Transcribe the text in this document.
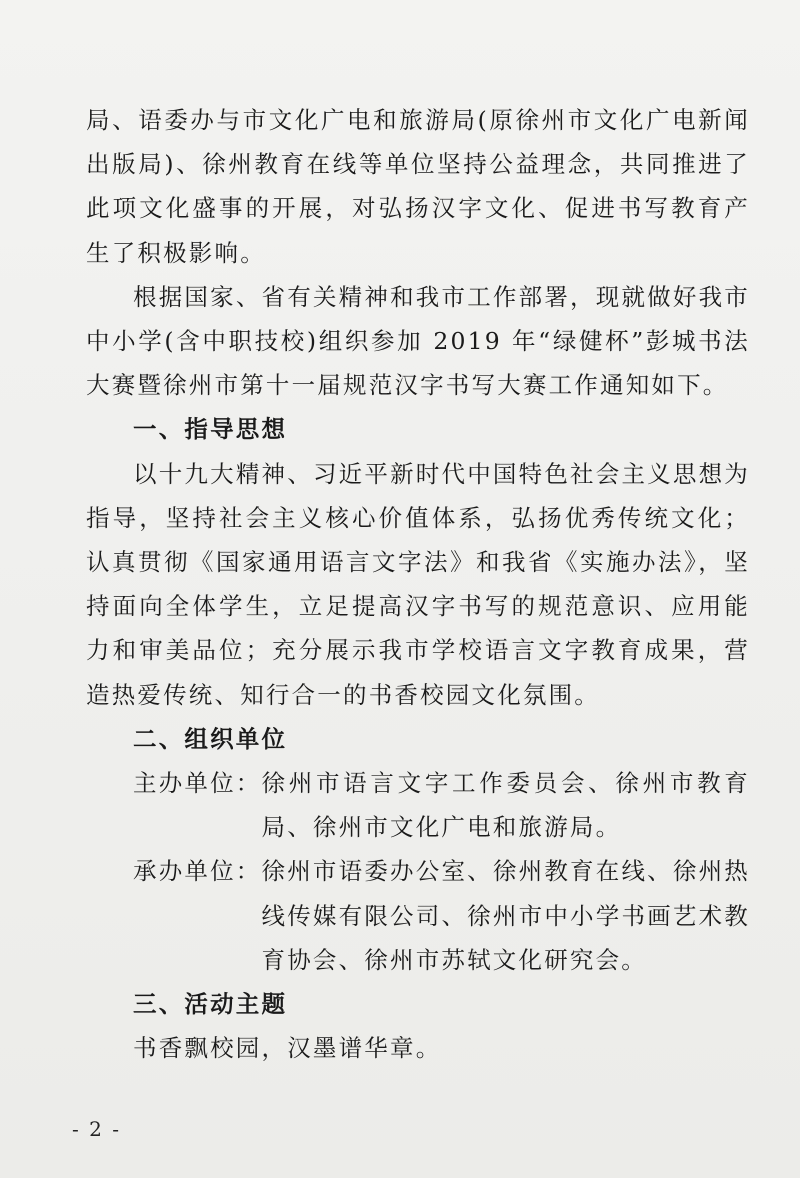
局、语委办与市文化广电和旅游局(原徐州市文化广电新闻出版局)、徐州教育在线等单位坚持公益理念，共同推进了此项文化盛事的开展，对弘扬汉字文化、促进书写教育产生了积极影响。

根据国家、省有关精神和我市工作部署，现就做好我市中小学(含中职技校)组织参加 2019 年“绿健杯”彭城书法大赛暨徐州市第十一届规范汉字书写大赛工作通知如下。

一、指导思想

以十九大精神、习近平新时代中国特色社会主义思想为指导，坚持社会主义核心价值体系，弘扬优秀传统文化；认真贯彻《国家通用语言文字法》和我省《实施办法》，坚持面向全体学生，立足提高汉字书写的规范意识、应用能力和审美品位；充分展示我市学校语言文字教育成果，营造热爱传统、知行合一的书香校园文化氛围。

二、组织单位

主办单位： 徐州市语言文字工作委员会、徐州市教育局、徐州市文化广电和旅游局。
承办单位： 徐州市语委办公室、徐州教育在线、徐州热线传媒有限公司、徐州市中小学书画艺术教育协会、徐州市苏轼文化研究会。

三、活动主题

书香飘校园，汉墨谱华章。

- 2 -
